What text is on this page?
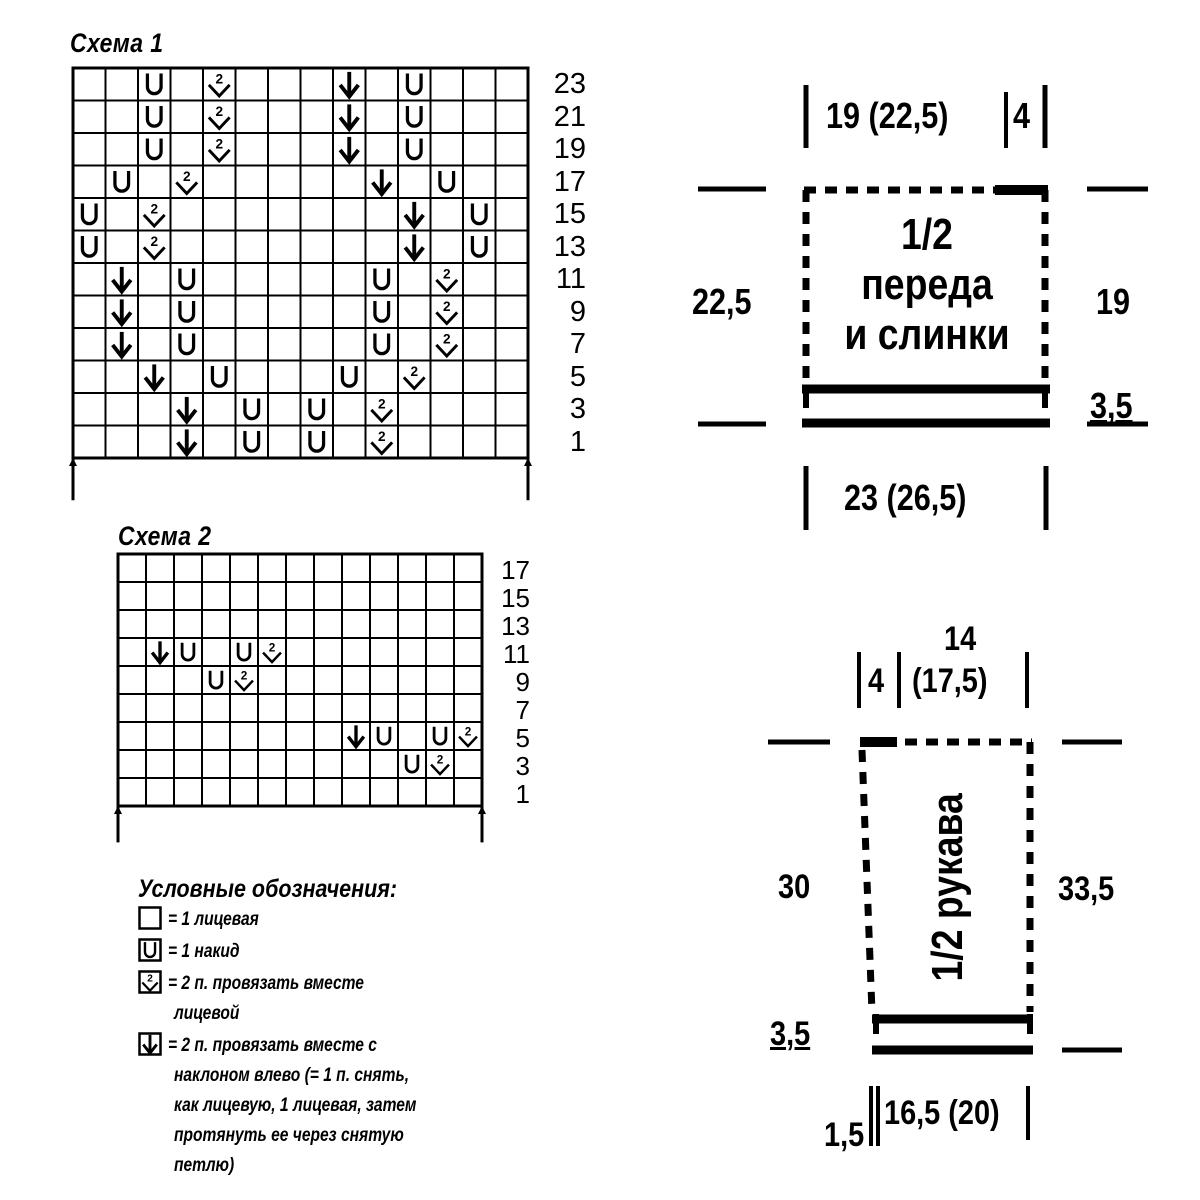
Схема 1
2
2
2
2
2
2
2
2
2
2
2
2
23
21
19
17
15
13
11
9
7
5
3
1
Схема 2
2
2
2
2
17
15
13
11
9
7
5
3
1
Условные обозначения:
= 1 лицевая
= 1 накид
2 = 2 п. провязать вместе
лицевой
= 2 п. провязать вместе с
наклоном влево (= 1 п. снять,
как лицевую, 1 лицевая, затем
протянуть ее через снятую
петлю)
19 (22,5) 4
22,5	19
3,5
23 (26,5)
1/2
переда
и слинки
14
4 (17,5)
30	33,5
3,5
1,5
16,5 (20)
1/2 рукава
